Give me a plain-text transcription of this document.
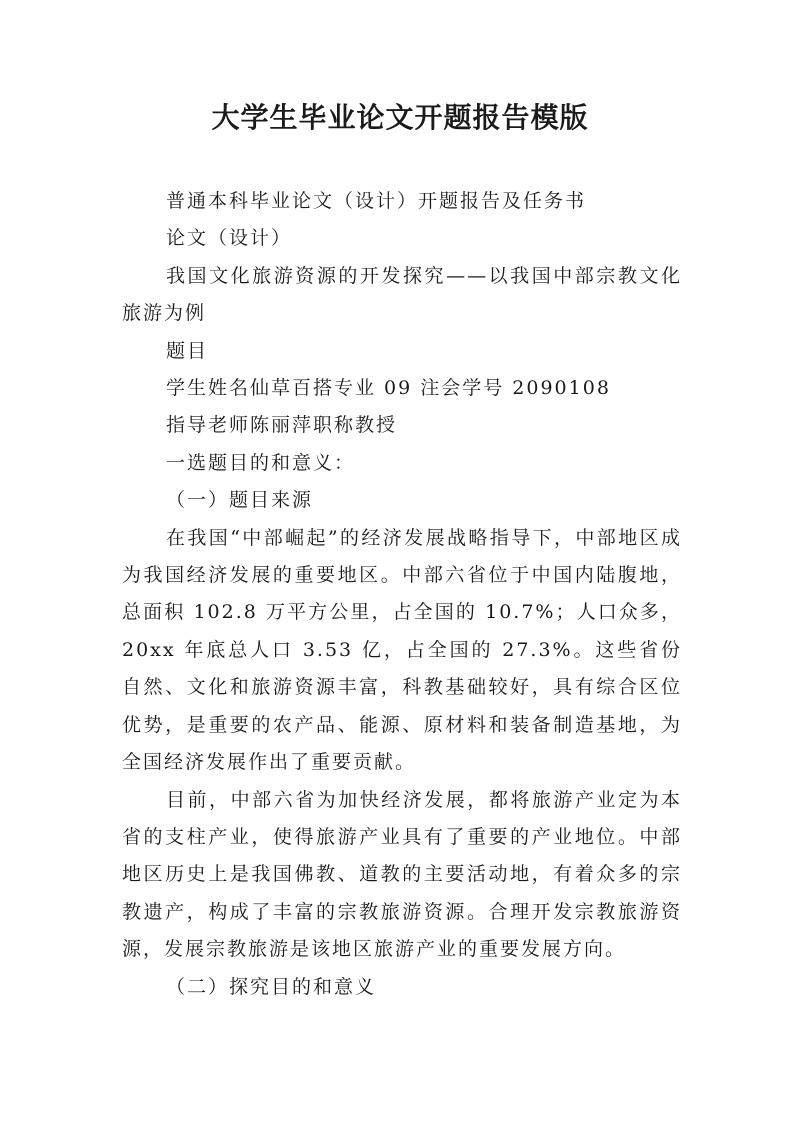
大学生毕业论文开题报告模版
普通本科毕业论文（设计）开题报告及任务书
论文（设计）

我国文化旅游资源的开发探究——以我国中部宗教文化旅游为例

题目
学生姓名仙草百搭专业 09 注会学号 2090108
指导老师陈丽萍职称教授
一选题目的和意义：
（一）题目来源

在我国“中部崛起”的经济发展战略指导下，中部地区成为我国经济发展的重要地区。中部六省位于中国内陆腹地，总面积 102.8 万平方公里，占全国的 10.7%；人口众多，20xx 年底总人口 3.53 亿，占全国的 27.3%。这些省份自然、文化和旅游资源丰富，科教基础较好，具有综合区位优势，是重要的农产品、能源、原材料和装备制造基地，为全国经济发展作出了重要贡献。

目前，中部六省为加快经济发展，都将旅游产业定为本省的支柱产业，使得旅游产业具有了重要的产业地位。中部地区历史上是我国佛教、道教的主要活动地，有着众多的宗教遗产，构成了丰富的宗教旅游资源。合理开发宗教旅游资源，发展宗教旅游是该地区旅游产业的重要发展方向。

（二）探究目的和意义
